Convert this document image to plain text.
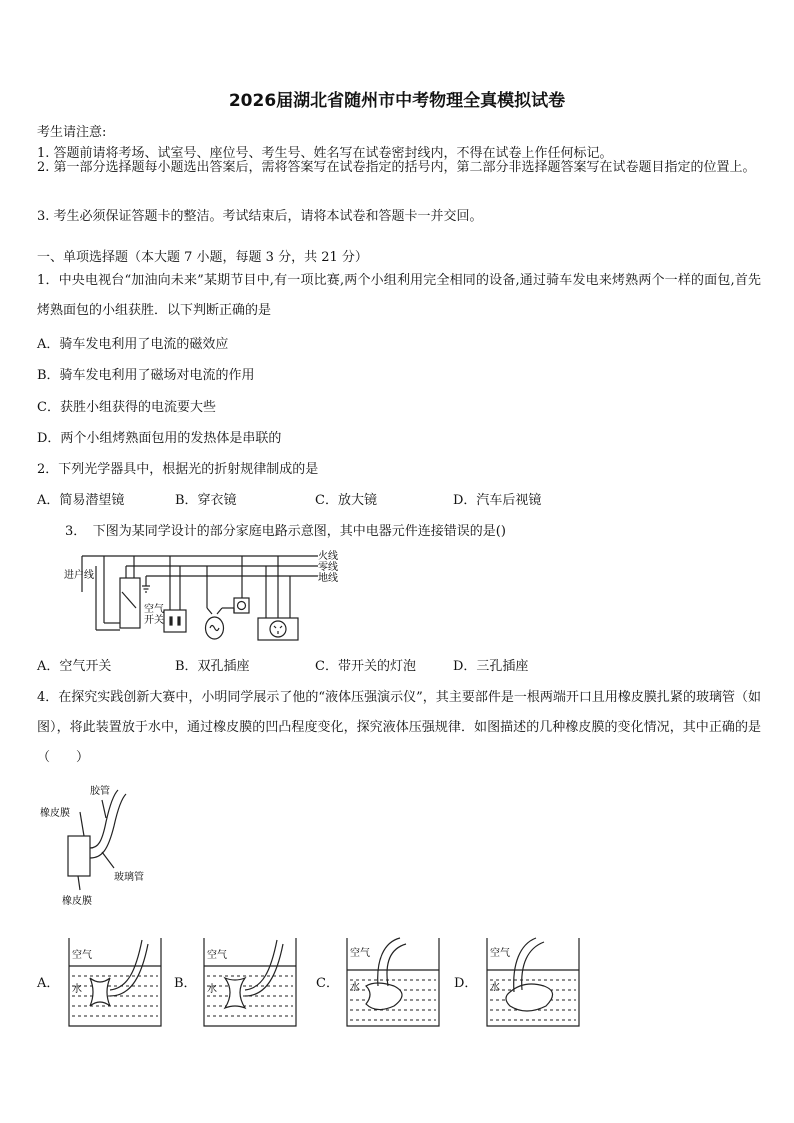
2026届湖北省随州市中考物理全真模拟试卷
考生请注意:
1. 答题前请将考场、试室号、座位号、考生号、姓名写在试卷密封线内，不得在试卷上作任何标记。
2. 第一部分选择题每小题选出答案后，需将答案写在试卷指定的括号内，第二部分非选择题答案写在试卷题目指定的位置上。
3. 考生必须保证答题卡的整洁。考试结束后，请将本试卷和答题卡一并交回。
一、单项选择题（本大题 7 小题，每题 3 分，共 21 分）
1．中央电视台“加油向未来”某期节目中,有一项比赛,两个小组利用完全相同的设备,通过骑车发电来烤熟两个一样的面包,首先烤熟面包的小组获胜．以下判断正确的是
A．骑车发电利用了电流的磁效应
B．骑车发电利用了磁场对电流的作用
C．获胜小组获得的电流要大些
D．两个小组烤熟面包用的发热体是串联的
2．下列光学器具中，根据光的折射规律制成的是
A．简易潜望镜	B．穿衣镜	C．放大镜	D．汽车后视镜
3．　下图为某同学设计的部分家庭电路示意图，其中电器元件连接错误的是()
火线
零线
地线
进户线
空气
开关
A．空气开关	B．双孔插座	C．带开关的灯泡	D．三孔插座
4．在探究实践创新大赛中，小明同学展示了他的“液体压强演示仪”，其主要部件是一根两端开口且用橡皮膜扎紧的玻璃管（如图），将此装置放于水中，通过橡皮膜的凹凸程度变化，探究液体压强规律．如图描述的几种橡皮膜的变化情况，其中正确的是（　　）
胶管
橡皮膜
玻璃管
橡皮膜
A．
空气
水	B．
空气
水	C．
空气
水	D．
空气
水
